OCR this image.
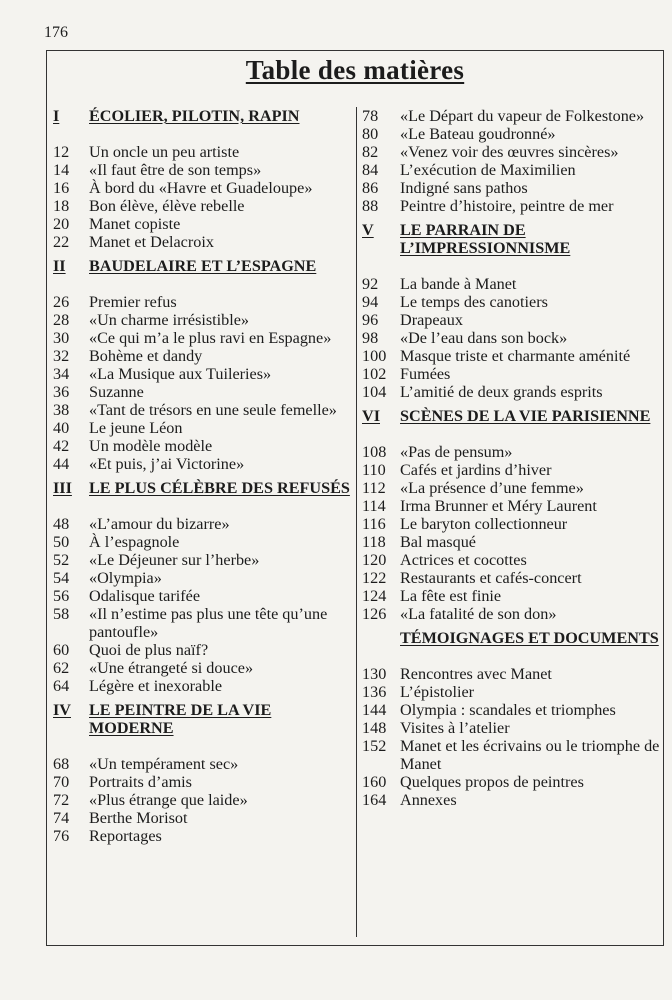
176
Table des matières
I	ÉCOLIER, PILOTIN, RAPIN
12	Un oncle un peu artiste
14	«Il faut être de son temps»
16	À bord du «Havre et Guadeloupe»
18	Bon élève, élève rebelle
20	Manet copiste
22	Manet et Delacroix
II	BAUDELAIRE ET L’ESPAGNE
26	Premier refus
28	«Un charme irrésistible»
30	«Ce qui m’a le plus ravi en Espagne»
32	Bohème et dandy
34	«La Musique aux Tuileries»
36	Suzanne
38	«Tant de trésors en une seule femelle»
40	Le jeune Léon
42	Un modèle modèle
44	«Et puis, j’ai Victorine»
III	LE PLUS CÉLÈBRE DES REFUSÉS
48	«L’amour du bizarre»
50	À l’espagnole
52	«Le Déjeuner sur l’herbe»
54	«Olympia»
56	Odalisque tarifée
58	«Il n’estime pas plus une tête qu’une pantoufle»
60	Quoi de plus naïf?
62	«Une étrangeté si douce»
64	Légère et inexorable
IV	LE PEINTRE DE LA VIE MODERNE
68	«Un tempérament sec»
70	Portraits d’amis
72	«Plus étrange que laide»
74	Berthe Morisot
76	Reportages
78	«Le Départ du vapeur de Folkestone»
80	«Le Bateau goudronné»
82	«Venez voir des œuvres sincères»
84	L’exécution de Maximilien
86	Indigné sans pathos
88	Peintre d’histoire, peintre de mer
V	LE PARRAIN DE L’IMPRESSIONNISME
92	La bande à Manet
94	Le temps des canotiers
96	Drapeaux
98	«De l’eau dans son bock»
100 Masque triste et charmante aménité
102 Fumées
104 L’amitié de deux grands esprits
VI	SCÈNES DE LA VIE PARISIENNE
108 «Pas de pensum»
110 Cafés et jardins d’hiver
112 «La présence d’une femme»
114 Irma Brunner et Méry Laurent
116 Le baryton collectionneur
118 Bal masqué
120 Actrices et cocottes
122 Restaurants et cafés-concert
124 La fête est finie
126 «La fatalité de son don»
TÉMOIGNAGES ET DOCUMENTS
130 Rencontres avec Manet
136 L’épistolier
144 Olympia : scandales et triomphes
148 Visites à l’atelier
152 Manet et les écrivains ou le triomphe de Manet
160 Quelques propos de peintres
164 Annexes
